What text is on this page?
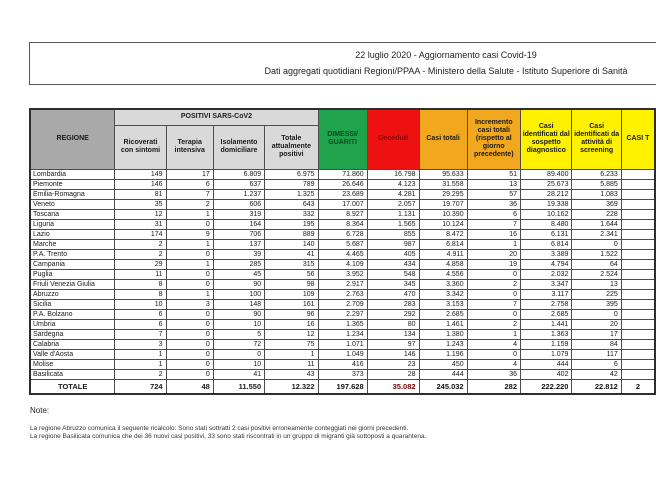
22 luglio 2020 - Aggiornamento casi Covid-19
Dati aggregati quotidiani Regioni/PPAA - Ministero della Salute - Istituto Superiore di Sanità
REGIONE	POSITIVI SARS-CoV2				DIMESSI/ GUARITI	Deceduti	Casi totali	Incremento casi totali (rispetto al giorno precedente)	Casi identificati dal sospetto diagnostico	Casi identificati da attività di screening	CASI T
	Ricoverati con sintomi	Terapia intensiva	Isolamento domiciliare	Totale attualmente positivi							
Lombardia	149	17	6.809	6.975	71.860	16.798	95.633	51	89.400	6.233	
Piemonte	146	6	637	789	26.646	4.123	31.558	13	25.673	5.885	
Emilia-Romagna	81	7	1.237	1.325	23.689	4.281	29.295	57	28.212	1.083	
Veneto	35	2	606	643	17.007	2.057	19.707	36	19.338	369	
Toscana	12	1	319	332	8.927	1.131	10.390	6	10.162	228	
Liguria	31	0	164	195	8.364	1.565	10.124	7	8.480	1.644	
Lazio	174	9	706	889	6.728	855	8.472	16	6.131	2.341	
Marche	2	1	137	140	5.687	987	6.814	1	6.814	0	
P.A. Trento	2	0	39	41	4.465	405	4.911	20	3.389	1.522	
Campania	29	1	285	315	4.109	434	4.858	19	4.794	64	
Puglia	11	0	45	56	3.952	548	4.556	0	2.032	2.524	
Friuli Venezia Giulia	8	0	90	98	2.917	345	3.360	2	3.347	13	
Abruzzo	8	1	100	109	2.763	470	3.342	0	3.117	225	
Sicilia	10	3	148	161	2.709	283	3.153	7	2.758	395	
P.A. Bolzano	6	0	90	96	2.297	292	2.685	0	2.685	0	
Umbria	6	0	10	16	1.365	80	1.461	2	1.441	20	
Sardegna	7	0	5	12	1.234	134	1.380	1	1.363	17	
Calabria	3	0	72	75	1.071	97	1.243	4	1.159	84	
Valle d'Aosta	1	0	0	1	1.049	146	1.196	0	1.079	117	
Molise	1	0	10	11	416	23	450	4	444	6	
Basilicata	2	0	41	43	373	28	444	36	402	42	
TOTALE	724	48	11.550	12.322	197.628	35.082	245.032	282	222.220	22.812	2

Note:

La regione Abruzzo comunica il seguente ricalcolo: Sono stati sottratti 2 casi positivi erroneamente conteggiati nei giorni precedenti.
La regione Basilicata comunica che dei 36 nuovi casi positivi, 33 sono stati riscontrati in un gruppo di migranti già sottoposti a quarantena.
